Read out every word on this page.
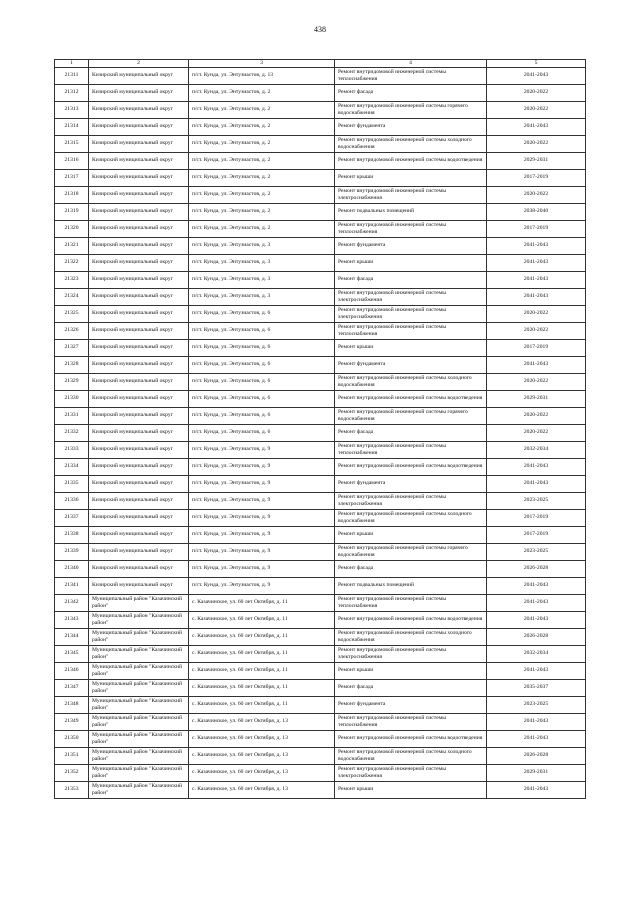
438
1	2	3	4	5
21311	Кизирский муниципальный округ	п/ст. Кунда, ул. Энтузиастов, д. 13	Ремонт внутридомовой инженерной системы теплоснабжения	2041-2043
21312	Кизирский муниципальный округ	п/ст. Кунда, ул. Энтузиастов, д. 2	Ремонт фасада	2020-2022
21313	Кизирский муниципальный округ	п/ст. Кунда, ул. Энтузиастов, д. 2	Ремонт внутридомовой инженерной системы горячего водоснабжения	2020-2022
21314	Кизирский муниципальный округ	п/ст. Кунда, ул. Энтузиастов, д. 2	Ремонт фундамента	2041-2043
21315	Кизирский муниципальный округ	п/ст. Кунда, ул. Энтузиастов, д. 2	Ремонт внутридомовой инженерной системы холодного водоснабжения	2020-2022
21316	Кизирский муниципальный округ	п/ст. Кунда, ул. Энтузиастов, д. 2	Ремонт внутридомовой инженерной системы водоотведения	2029-2031
21317	Кизирский муниципальный округ	п/ст. Кунда, ул. Энтузиастов, д. 2	Ремонт крыши	2017-2019
21318	Кизирский муниципальный округ	п/ст. Кунда, ул. Энтузиастов, д. 2	Ремонт внутридомовой инженерной системы электроснабжения	2020-2022
21319	Кизирский муниципальный округ	п/ст. Кунда, ул. Энтузиастов, д. 2	Ремонт подвальных помещений	2038-2040
21320	Кизирский муниципальный округ	п/ст. Кунда, ул. Энтузиастов, д. 2	Ремонт внутридомовой инженерной системы теплоснабжения	2017-2019
21321	Кизирский муниципальный округ	п/ст. Кунда, ул. Энтузиастов, д. 3	Ремонт фундамента	2041-2043
21322	Кизирский муниципальный округ	п/ст. Кунда, ул. Энтузиастов, д. 3	Ремонт крыши	2041-2043
21323	Кизирский муниципальный округ	п/ст. Кунда, ул. Энтузиастов, д. 3	Ремонт фасада	2041-2043
21324	Кизирский муниципальный округ	п/ст. Кунда, ул. Энтузиастов, д. 3	Ремонт внутридомовой инженерной системы электроснабжения	2041-2043
21325	Кизирский муниципальный округ	п/ст. Кунда, ул. Энтузиастов, д. 6	Ремонт внутридомовой инженерной системы электроснабжения	2020-2022
21326	Кизирский муниципальный округ	п/ст. Кунда, ул. Энтузиастов, д. 6	Ремонт внутридомовой инженерной системы теплоснабжения	2020-2022
21327	Кизирский муниципальный округ	п/ст. Кунда, ул. Энтузиастов, д. 6	Ремонт крыши	2017-2019
21328	Кизирский муниципальный округ	п/ст. Кунда, ул. Энтузиастов, д. 6	Ремонт фундамента	2041-2043
21329	Кизирский муниципальный округ	п/ст. Кунда, ул. Энтузиастов, д. 6	Ремонт внутридомовой инженерной системы холодного водоснабжения	2020-2022
21330	Кизирский муниципальный округ	п/ст. Кунда, ул. Энтузиастов, д. 6	Ремонт внутридомовой инженерной системы водоотведения	2029-2031
21331	Кизирский муниципальный округ	п/ст. Кунда, ул. Энтузиастов, д. 6	Ремонт внутридомовой инженерной системы горячего водоснабжения	2020-2022
21332	Кизирский муниципальный округ	п/ст. Кунда, ул. Энтузиастов, д. 6	Ремонт фасада	2020-2022
21333	Кизирский муниципальный округ	п/ст. Кунда, ул. Энтузиастов, д. 9	Ремонт внутридомовой инженерной системы теплоснабжения	2032-2034
21334	Кизирский муниципальный округ	п/ст. Кунда, ул. Энтузиастов, д. 9	Ремонт внутридомовой инженерной системы водоотведения	2041-2043
21335	Кизирский муниципальный округ	п/ст. Кунда, ул. Энтузиастов, д. 9	Ремонт фундамента	2041-2043
21336	Кизирский муниципальный округ	п/ст. Кунда, ул. Энтузиастов, д. 9	Ремонт внутридомовой инженерной системы электроснабжения	2023-2025
21337	Кизирский муниципальный округ	п/ст. Кунда, ул. Энтузиастов, д. 9	Ремонт внутридомовой инженерной системы холодного водоснабжения	2017-2019
21338	Кизирский муниципальный округ	п/ст. Кунда, ул. Энтузиастов, д. 9	Ремонт крыши	2017-2019
21339	Кизирский муниципальный округ	п/ст. Кунда, ул. Энтузиастов, д. 9	Ремонт внутридомовой инженерной системы горячего водоснабжения	2023-2025
21340	Кизирский муниципальный округ	п/ст. Кунда, ул. Энтузиастов, д. 9	Ремонт фасада	2026-2028
21341	Кизирский муниципальный округ	п/ст. Кунда, ул. Энтузиастов, д. 9	Ремонт подвальных помещений	2041-2043
21342	Муниципальный район "Казачинский район"	с. Казачинское, ул. 60 лет Октября, д. 11	Ремонт внутридомовой инженерной системы теплоснабжения	2041-2043
21343	Муниципальный район "Казачинский район"	с. Казачинское, ул. 60 лет Октября, д. 11	Ремонт внутридомовой инженерной системы водоотведения	2041-2043
21344	Муниципальный район "Казачинский район"	с. Казачинское, ул. 60 лет Октября, д. 11	Ремонт внутридомовой инженерной системы холодного водоснабжения	2026-2028
21345	Муниципальный район "Казачинский район"	с. Казачинское, ул. 60 лет Октября, д. 11	Ремонт внутридомовой инженерной системы электроснабжения	2032-2034
21346	Муниципальный район "Казачинский район"	с. Казачинское, ул. 60 лет Октября, д. 11	Ремонт крыши	2041-2043
21347	Муниципальный район "Казачинский район"	с. Казачинское, ул. 60 лет Октября, д. 11	Ремонт фасада	2035-2037
21348	Муниципальный район "Казачинский район"	с. Казачинское, ул. 60 лет Октября, д. 11	Ремонт фундамента	2023-2025
21349	Муниципальный район "Казачинский район"	с. Казачинское, ул. 60 лет Октября, д. 13	Ремонт внутридомовой инженерной системы теплоснабжения	2041-2043
21350	Муниципальный район "Казачинский район"	с. Казачинское, ул. 60 лет Октября, д. 13	Ремонт внутридомовой инженерной системы водоотведения	2041-2043
21351	Муниципальный район "Казачинский район"	с. Казачинское, ул. 60 лет Октября, д. 13	Ремонт внутридомовой инженерной системы холодного водоснабжения	2026-2028
21352	Муниципальный район "Казачинский район"	с. Казачинское, ул. 60 лет Октября, д. 13	Ремонт внутридомовой инженерной системы электроснабжения	2029-2031
21353	Муниципальный район "Казачинский район"	с. Казачинское, ул. 60 лет Октября, д. 13	Ремонт крыши	2041-2043
